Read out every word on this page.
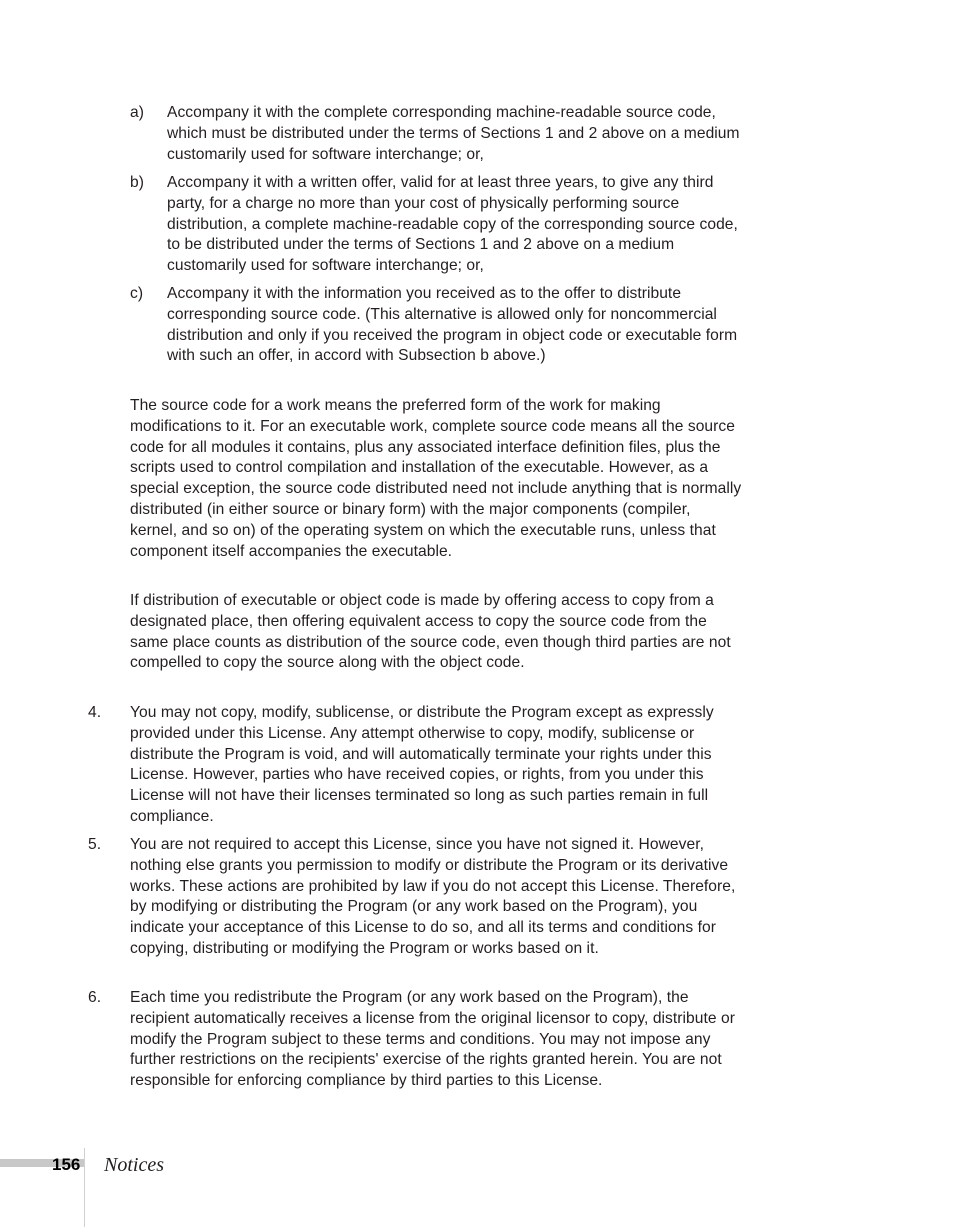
a) Accompany it with the complete corresponding machine-readable source code, which must be distributed under the terms of Sections 1 and 2 above on a medium customarily used for software interchange; or,
b) Accompany it with a written offer, valid for at least three years, to give any third party, for a charge no more than your cost of physically performing source distribution, a complete machine-readable copy of the corresponding source code, to be distributed under the terms of Sections 1 and 2 above on a medium customarily used for software interchange; or,
c) Accompany it with the information you received as to the offer to distribute corresponding source code. (This alternative is allowed only for noncommercial distribution and only if you received the program in object code or executable form with such an offer, in accord with Subsection b above.)
The source code for a work means the preferred form of the work for making modifications to it. For an executable work, complete source code means all the source code for all modules it contains, plus any associated interface definition files, plus the scripts used to control compilation and installation of the executable. However, as a special exception, the source code distributed need not include anything that is normally distributed (in either source or binary form) with the major components (compiler, kernel, and so on) of the operating system on which the executable runs, unless that component itself accompanies the executable.
If distribution of executable or object code is made by offering access to copy from a designated place, then offering equivalent access to copy the source code from the same place counts as distribution of the source code, even though third parties are not compelled to copy the source along with the object code.
4. You may not copy, modify, sublicense, or distribute the Program except as expressly provided under this License. Any attempt otherwise to copy, modify, sublicense or distribute the Program is void, and will automatically terminate your rights under this License. However, parties who have received copies, or rights, from you under this License will not have their licenses terminated so long as such parties remain in full compliance.
5. You are not required to accept this License, since you have not signed it. However, nothing else grants you permission to modify or distribute the Program or its derivative works. These actions are prohibited by law if you do not accept this License. Therefore, by modifying or distributing the Program (or any work based on the Program), you indicate your acceptance of this License to do so, and all its terms and conditions for copying, distributing or modifying the Program or works based on it.
6. Each time you redistribute the Program (or any work based on the Program), the recipient automatically receives a license from the original licensor to copy, distribute or modify the Program subject to these terms and conditions. You may not impose any further restrictions on the recipients' exercise of the rights granted herein. You are not responsible for enforcing compliance by third parties to this License.
156 Notices
